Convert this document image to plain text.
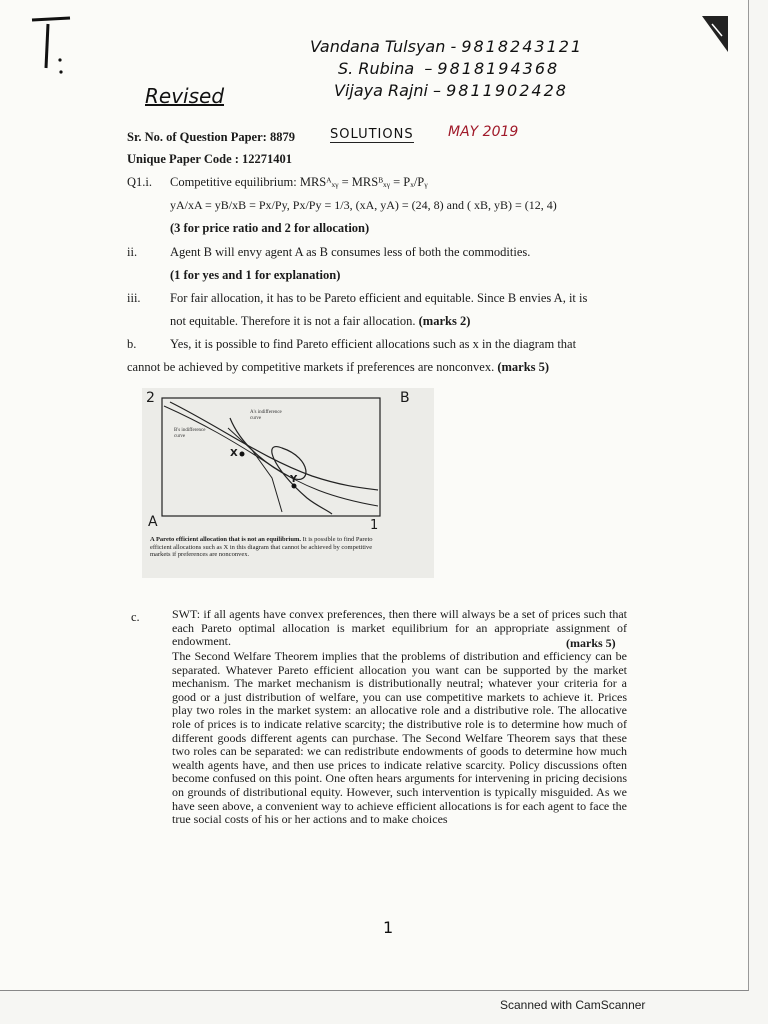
Vandana Tulsyan - 9818243121
S. Rubina  – 9818194368
Vijaya Rajni – 9811902428
Revised
Sr. No. of Question Paper: 8879	SOLUTIONS MAY 2019
Unique Paper Code : 12271401
Q1.i. Competitive equilibrium: MRSᴬₓᵧ = MRSᴮₓᵧ = Pₓ/Pᵧ
yA/xA = yB/xB = Px/Py, Px/Py = 1/3, (xA, yA) = (24, 8) and ( xB, yB) = (12, 4)
(3 for price ratio and 2 for allocation)
ii.	Agent B will envy agent A as B consumes less of both the commodities.
(1 for yes and 1 for explanation)
iii. For fair allocation, it has to be Pareto efficient and equitable. Since B envies A, it is
not equitable. Therefore it is not a fair allocation. (marks 2)
b.	Yes, it is possible to find Pareto efficient allocations such as x in the diagram that
cannot be achieved by competitive markets if preferences are nonconvex. (marks 5)
2	B
A	1
X
Y
B's indifference curve
A's indifference curve
A Pareto efficient allocation that is not an equilibrium. It is possible to find Pareto efficient allocations such as X in this diagram that cannot be achieved by competitive markets if preferences are nonconvex.
c.	SWT: if all agents have convex preferences, then there will always be a set of prices such that each Pareto optimal allocation is market equilibrium for an appropriate assignment of endowment.	(marks 5)
The Second Welfare Theorem implies that the problems of distribution and efficiency can be separated. Whatever Pareto efficient allocation you want can be supported by the market mechanism. The market mechanism is distributionally neutral; whatever your criteria for a good or a just distribution of welfare, you can use competitive markets to achieve it. Prices play two roles in the market system: an allocative role and a distributive role. The allocative role of prices is to indicate relative scarcity; the distributive role is to determine how much of different goods different agents can purchase. The Second Welfare Theorem says that these two roles can be separated: we can redistribute endowments of goods to determine how much wealth agents have, and then use prices to indicate relative scarcity. Policy discussions often become confused on this point. One often hears arguments for intervening in pricing decisions on grounds of distributional equity. However, such intervention is typically misguided. As we have seen above, a convenient way to achieve efficient allocations is for each agent to face the true social costs of his or her actions and to make choices
1
Scanned with CamScanner
